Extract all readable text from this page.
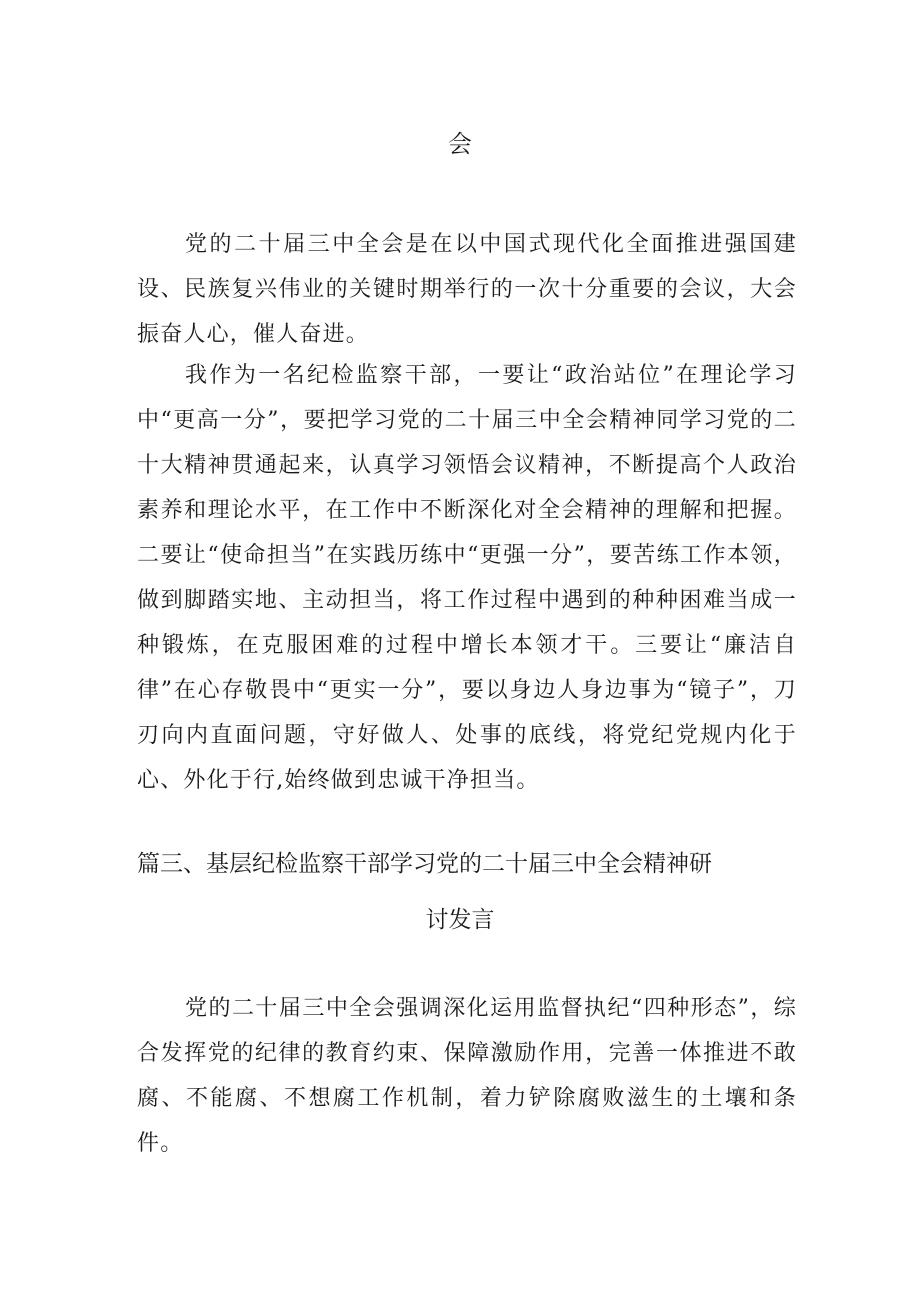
会

党的二十届三中全会是在以中国式现代化全面推进强国建设、民族复兴伟业的关键时期举行的一次十分重要的会议，大会振奋人心，催人奋进。

我作为一名纪检监察干部，一要让“政治站位”在理论学习中“更高一分”，要把学习党的二十届三中全会精神同学习党的二十大精神贯通起来，认真学习领悟会议精神，不断提高个人政治素养和理论水平，在工作中不断深化对全会精神的理解和把握。二要让“使命担当”在实践历练中“更强一分”，要苦练工作本领，做到脚踏实地、主动担当，将工作过程中遇到的种种困难当成一种锻炼，在克服困难的过程中增长本领才干。三要让“廉洁自律”在心存敬畏中“更实一分”，要以身边人身边事为“镜子”，刀刃向内直面问题，守好做人、处事的底线，将党纪党规内化于心、外化于行,始终做到忠诚干净担当。

篇三、基层纪检监察干部学习党的二十届三中全会精神研

讨发言

党的二十届三中全会强调深化运用监督执纪“四种形态”，综合发挥党的纪律的教育约束、保障激励作用，完善一体推进不敢腐、不能腐、不想腐工作机制，着力铲除腐败滋生的土壤和条件。
